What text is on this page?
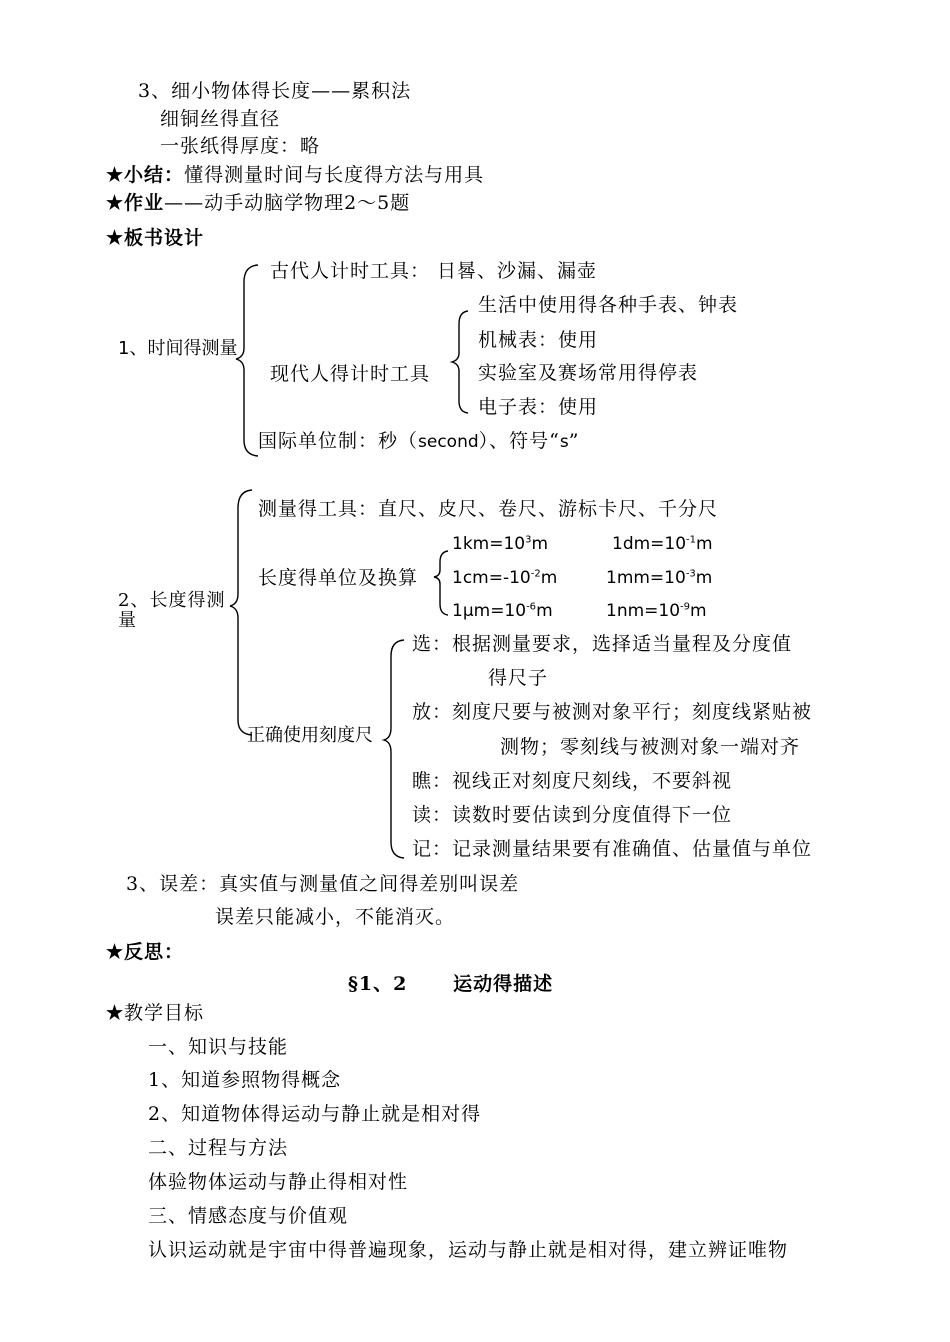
3、细小物体得长度——累积法
细铜丝得直径
一张纸得厚度：略
★小结：懂得测量时间与长度得方法与用具
★作业——动手动脑学物理2～5题
★板书设计
1、时间得测量
古代人计时工具： 日晷、沙漏、漏壶
现代人得计时工具
生活中使用得各种手表、钟表
机械表：使用
实验室及赛场常用得停表
电子表：使用
国际单位制：秒（second）、符号“s”
2、长度得测
量
测量得工具：直尺、皮尺、卷尺、游标卡尺、千分尺
长度得单位及换算
$1km=10^3m$	$1dm=10^{-1}m$
$1cm=-10^{-2}m$	$1mm=10^{-3}m$
$1\mu m=10^{-6}m$	$1nm=10^{-9}m$
正确使用刻度尺
选：根据测量要求，选择适当量程及分度值
得尺子
放：刻度尺要与被测对象平行；刻度线紧贴被
测物；零刻线与被测对象一端对齐
瞧：视线正对刻度尺刻线，不要斜视
读：读数时要估读到分度值得下一位
记：记录测量结果要有准确值、估量值与单位
3、误差：真实值与测量值之间得差别叫误差
误差只能减小，不能消灭。
★反思：
§1、2      运动得描述
★教学目标
一、知识与技能
1、知道参照物得概念
2、知道物体得运动与静止就是相对得
二、过程与方法
体验物体运动与静止得相对性
三、情感态度与价值观
认识运动就是宇宙中得普遍现象，运动与静止就是相对得，建立辨证唯物
